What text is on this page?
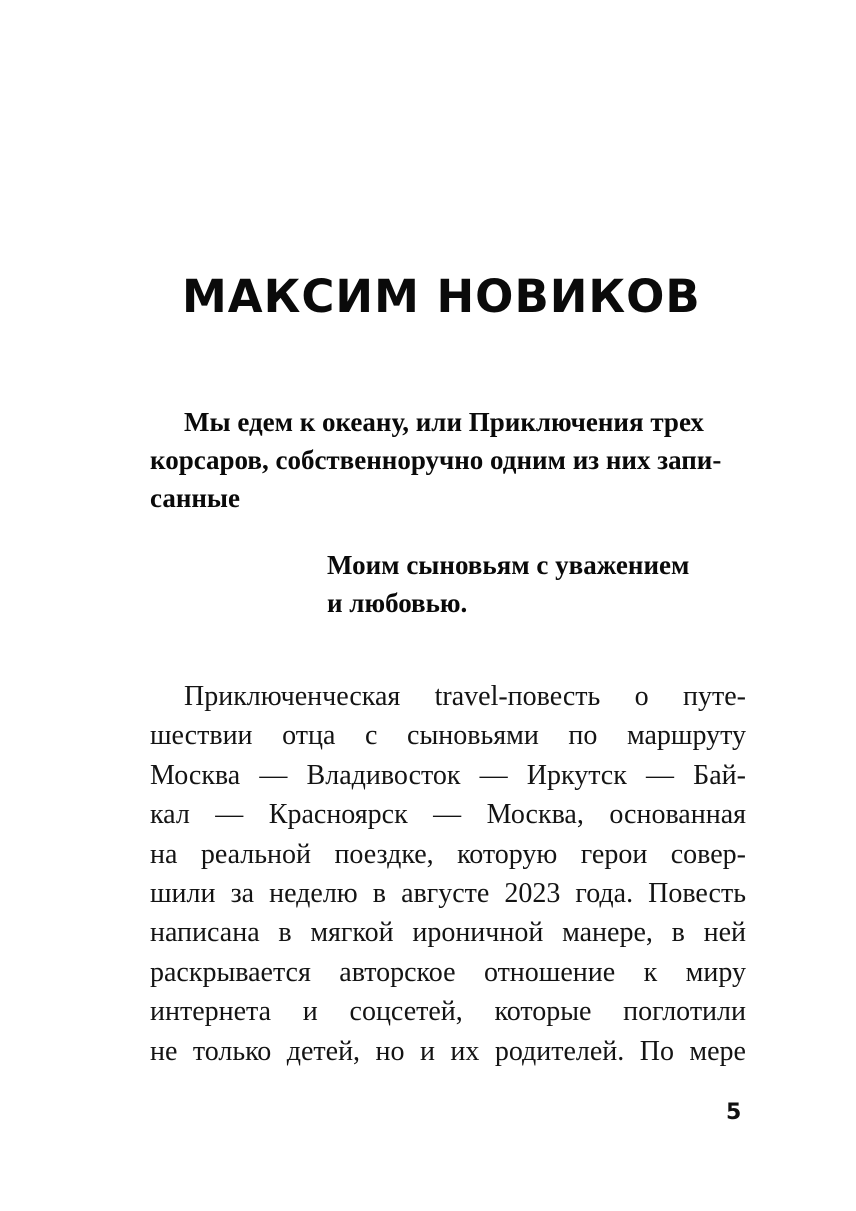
МАКСИМ НОВИКОВ
Мы едем к океану, или Приключения трех
корсаров, собственноручно одним из них запи-
санные
Моим сыновьям с уважением
и любовью.
Приключенческая travel-повесть о путе-
шествии отца с сыновьями по маршруту
Москва — Владивосток — Иркутск — Бай-
кал — Красноярск — Москва, основанная
на реальной поездке, которую герои совер-
шили за неделю в августе 2023 года. Повесть
написана в мягкой ироничной манере, в ней
раскрывается авторское отношение к миру
интернета и соцсетей, которые поглотили
не только детей, но и их родителей. По мере
5
